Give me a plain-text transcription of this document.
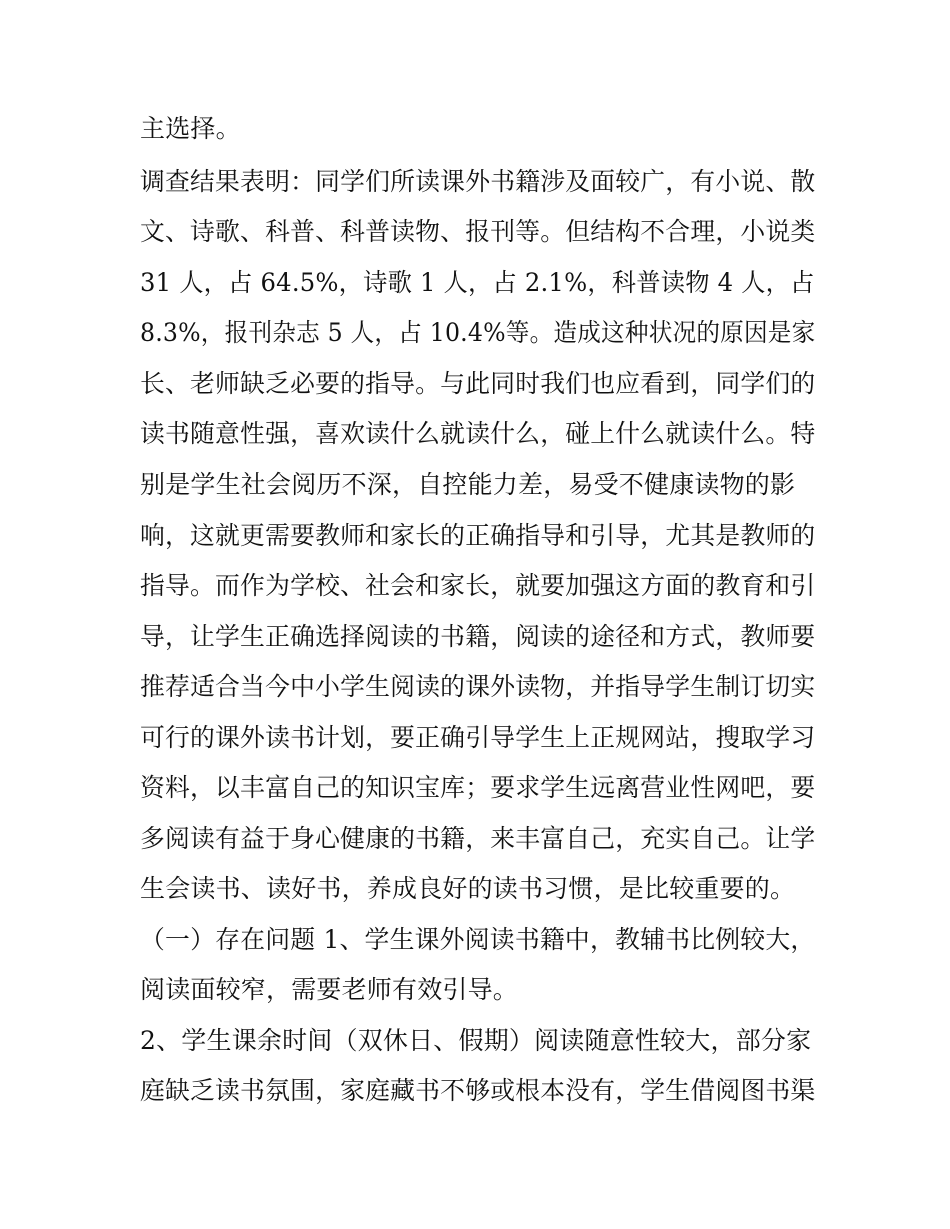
主选择。
调查结果表明：同学们所读课外书籍涉及面较广，有小说、散
文、诗歌、科普、科普读物、报刊等。但结构不合理，小说类
31 人，占 64.5%，诗歌 1 人，占 2.1%，科普读物 4 人，占
8.3%，报刊杂志 5 人，占 10.4%等。造成这种状况的原因是家
长、老师缺乏必要的指导。与此同时我们也应看到，同学们的
读书随意性强，喜欢读什么就读什么，碰上什么就读什么。特
别是学生社会阅历不深，自控能力差，易受不健康读物的影
响，这就更需要教师和家长的正确指导和引导，尤其是教师的
指导。而作为学校、社会和家长，就要加强这方面的教育和引
导，让学生正确选择阅读的书籍，阅读的途径和方式，教师要
推荐适合当今中小学生阅读的课外读物，并指导学生制订切实
可行的课外读书计划，要正确引导学生上正规网站，搜取学习
资料，以丰富自己的知识宝库；要求学生远离营业性网吧，要
多阅读有益于身心健康的书籍，来丰富自己，充实自己。让学
生会读书、读好书，养成良好的读书习惯，是比较重要的。
（一）存在问题 1、学生课外阅读书籍中，教辅书比例较大，
阅读面较窄，需要老师有效引导。
2、学生课余时间（双休日、假期）阅读随意性较大，部分家
庭缺乏读书氛围，家庭藏书不够或根本没有，学生借阅图书渠
